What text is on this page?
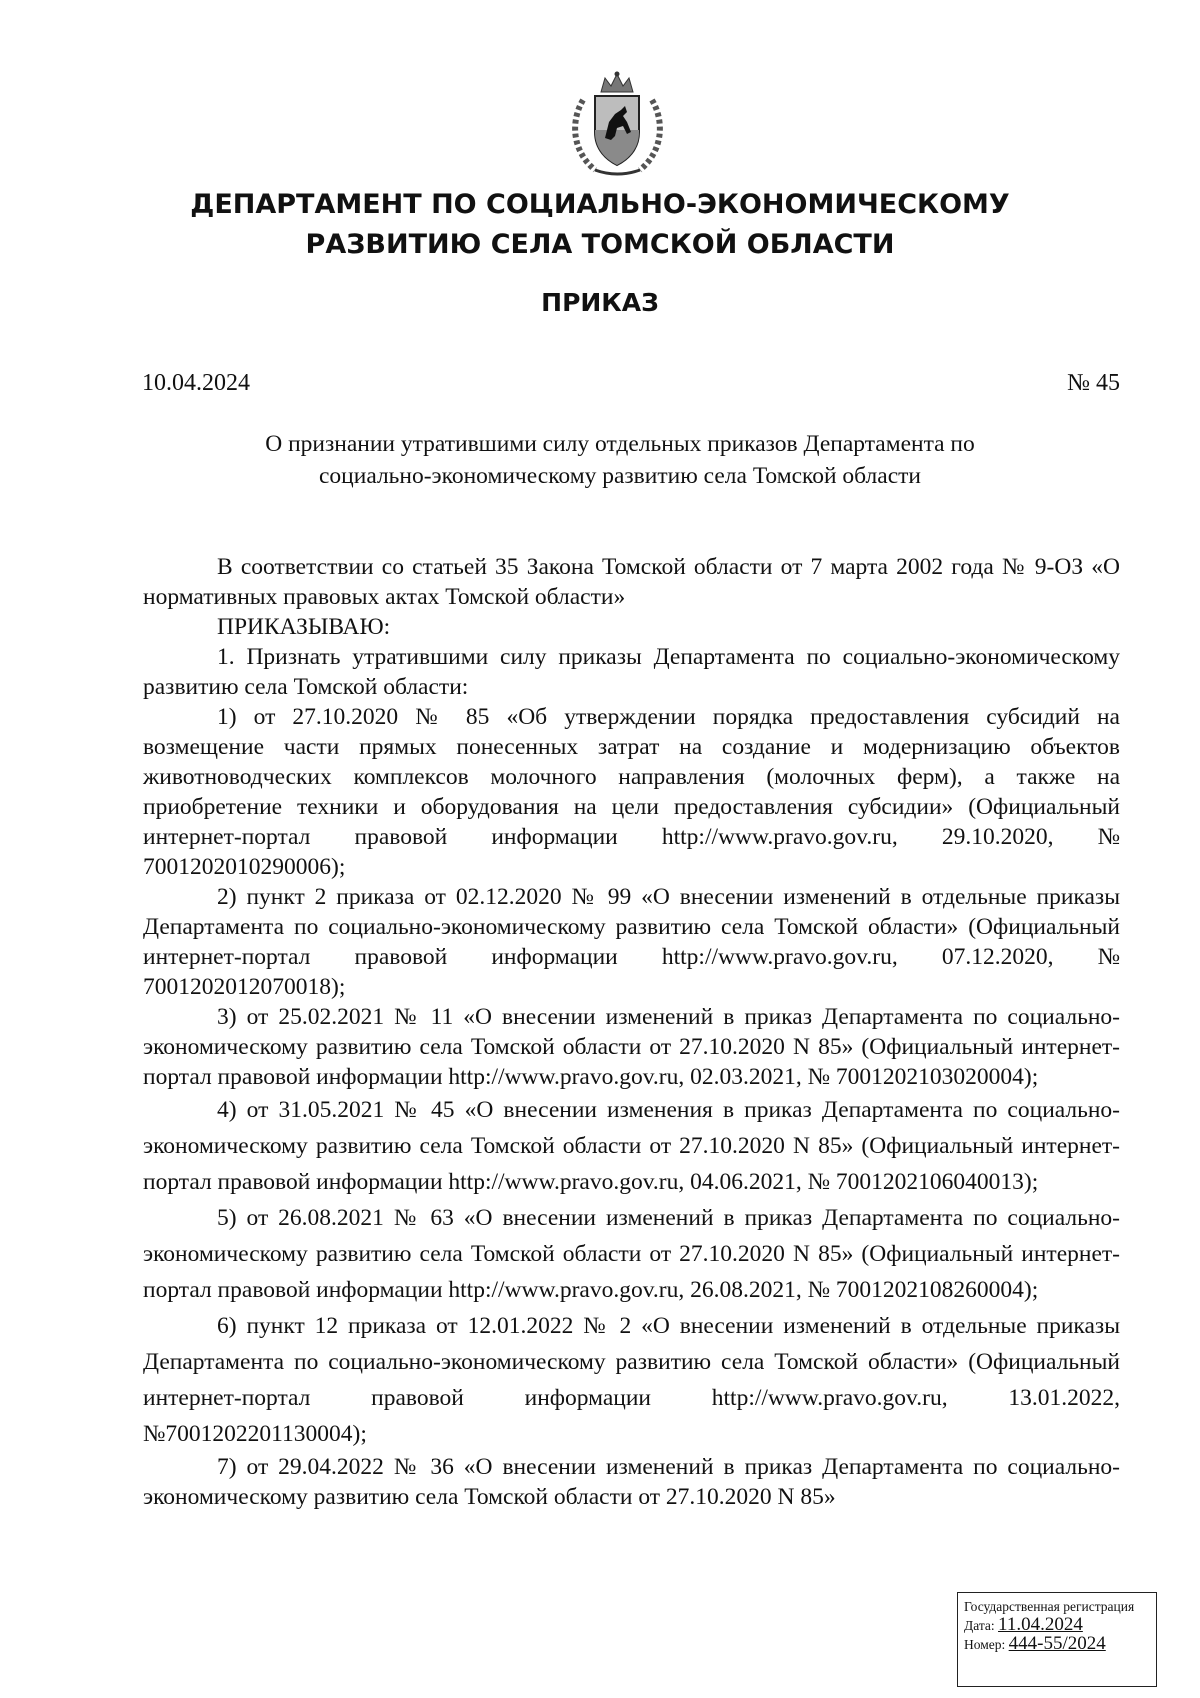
ДЕПАРТАМЕНТ ПО СОЦИАЛЬНО-ЭКОНОМИЧЕСКОМУ
РАЗВИТИЮ СЕЛА ТОМСКОЙ ОБЛАСТИ
ПРИКАЗ
10.04.2024	№ 45
О признании утратившими силу отдельных приказов Департамента по
социально-экономическому развитию села Томской области

В соответствии со статьей 35 Закона Томской области от 7 марта 2002 года № 9-ОЗ «О нормативных правовых актах Томской области»

ПРИКАЗЫВАЮ:

1. Признать утратившими силу приказы Департамента по социально-экономическому развитию села Томской области:

1) от 27.10.2020 № 85 «Об утверждении порядка предоставления субсидий на возмещение части прямых понесенных затрат на создание и модернизацию объектов животноводческих комплексов молочного направления (молочных ферм), а также на приобретение техники и оборудования на цели предоставления субсидии» (Официальный интернет-портал правовой информации http://www.pravo.gov.ru, 29.10.2020, № 7001202010290006);

2) пункт 2 приказа от 02.12.2020 № 99 «О внесении изменений в отдельные приказы Департамента по социально-экономическому развитию села Томской области» (Официальный интернет-портал правовой информации http://www.pravo.gov.ru, 07.12.2020, № 7001202012070018);

3) от 25.02.2021 № 11 «О внесении изменений в приказ Департамента по социально-экономическому развитию села Томской области от 27.10.2020 N 85» (Официальный интернет-портал правовой информации http://www.pravo.gov.ru, 02.03.2021, № 7001202103020004);

4) от 31.05.2021 № 45 «О внесении изменения в приказ Департамента по социально-экономическому развитию села Томской области от 27.10.2020 N 85» (Официальный интернет-портал правовой информации http://www.pravo.gov.ru, 04.06.2021, № 7001202106040013);

5) от 26.08.2021 № 63 «О внесении изменений в приказ Департамента по социально-экономическому развитию села Томской области от 27.10.2020 N 85» (Официальный интернет-портал правовой информации http://www.pravo.gov.ru, 26.08.2021, № 7001202108260004);

6) пункт 12 приказа от 12.01.2022 № 2 «О внесении изменений в отдельные приказы Департамента по социально-экономическому развитию села Томской области» (Официальный интернет-портал правовой информации http://www.pravo.gov.ru, 13.01.2022, №7001202201130004);

7) от 29.04.2022 № 36 «О внесении изменений в приказ Департамента по социально-экономическому развитию села Томской области от 27.10.2020 N 85»

Государственная регистрация
Дата: 11.04.2024
Номер: 444-55/2024
